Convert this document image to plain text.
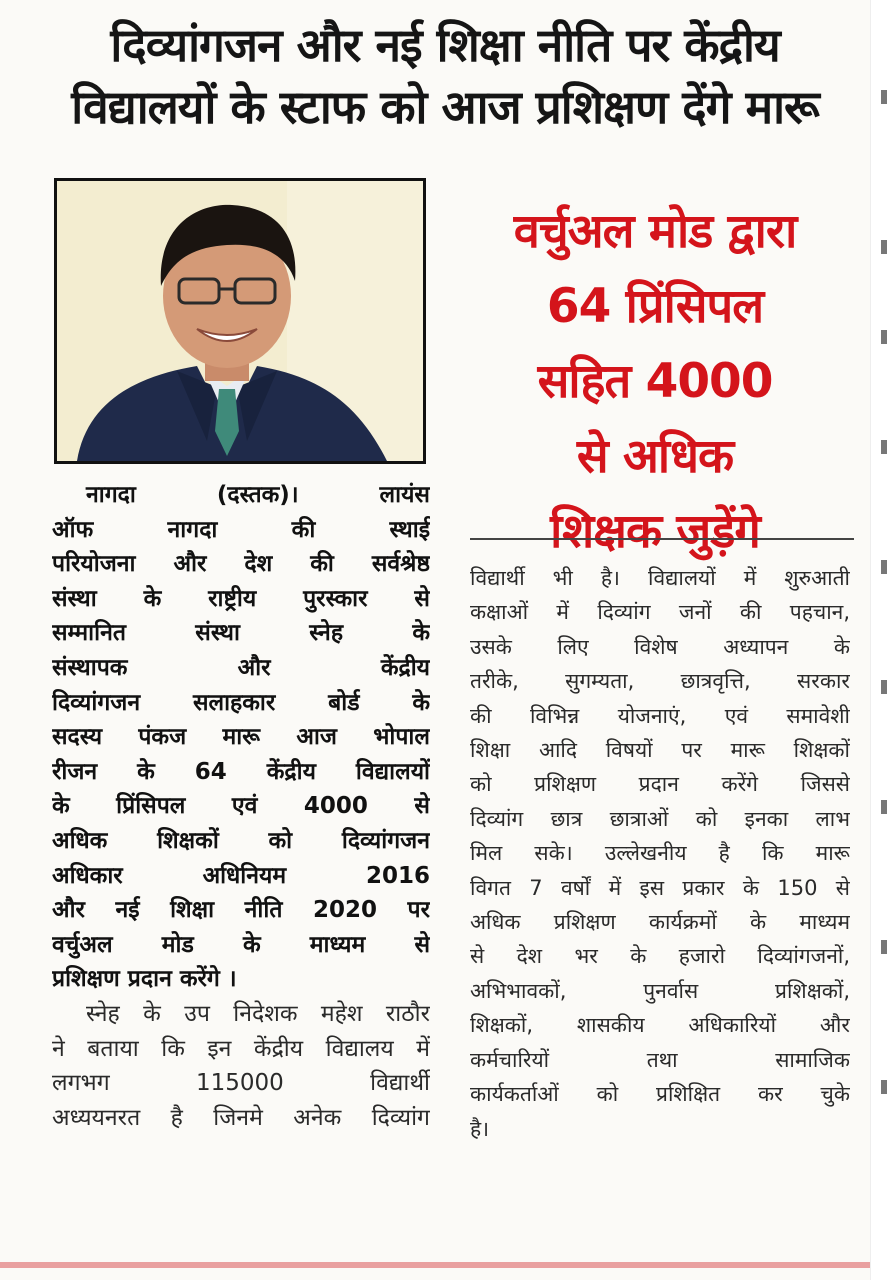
दिव्यांगजन और नई शिक्षा नीति पर केंद्रीय
विद्यालयों के स्टाफ को आज प्रशिक्षण देंगे मारू
वर्चुअल मोड द्वारा
64 प्रिंसिपल
सहित 4000
से अधिक
शिक्षक जुड़ेंगे
नागदा (दस्तक)। लायंस
ऑफ नागदा की स्थाई
परियोजना और देश की सर्वश्रेष्ठ
संस्था के राष्ट्रीय पुरस्कार से
सम्मानित संस्था स्नेह के
संस्थापक और केंद्रीय
दिव्यांगजन सलाहकार बोर्ड के
सदस्य पंकज मारू आज भोपाल
रीजन के 64 केंद्रीय विद्यालयों
के प्रिंसिपल एवं 4000 से
अधिक शिक्षकों को दिव्यांगजन
अधिकार अधिनियम 2016
और नई शिक्षा नीति 2020 पर
वर्चुअल मोड के माध्यम से
प्रशिक्षण प्रदान करेंगे ।
स्नेह के उप निदेशक महेश राठौर
ने बताया कि इन केंद्रीय विद्यालय में
लगभग 115000 विद्यार्थी
अध्ययनरत है जिनमे अनेक दिव्यांग
विद्यार्थी भी है। विद्यालयों में शुरुआती
कक्षाओं में दिव्यांग जनों की पहचान,
उसके लिए विशेष अध्यापन के
तरीके, सुगम्यता, छात्रवृत्ति, सरकार
की विभिन्न योजनाएं, एवं समावेशी
शिक्षा आदि विषयों पर मारू शिक्षकों
को प्रशिक्षण प्रदान करेंगे जिससे
दिव्यांग छात्र छात्राओं को इनका लाभ
मिल सके। उल्लेखनीय है कि मारू
विगत 7 वर्षों में इस प्रकार के 150 से
अधिक प्रशिक्षण कार्यक्रमों के माध्यम
से देश भर के हजारो दिव्यांगजनों,
अभिभावकों, पुनर्वास प्रशिक्षकों,
शिक्षकों, शासकीय अधिकारियों और
कर्मचारियों तथा सामाजिक
कार्यकर्ताओं को प्रशिक्षित कर चुके
है।
